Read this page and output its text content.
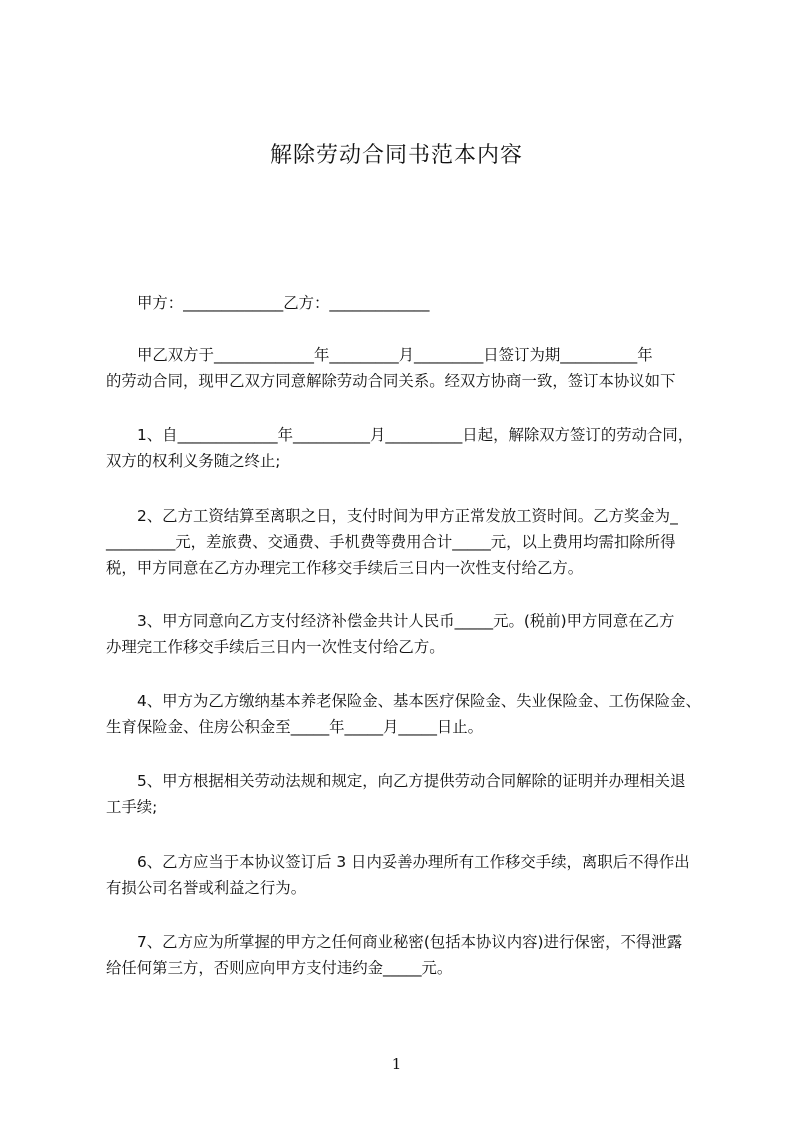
解除劳动合同书范本内容

甲方：_____________乙方：_____________

甲乙双方于_____________年_________月_________日签订为期__________年
的劳动合同，现甲乙双方同意解除劳动合同关系。经双方协商一致，签订本协议如下

1、自_____________年__________月__________日起，解除双方签订的劳动合同，
双方的权利义务随之终止;

2、乙方工资结算至离职之日，支付时间为甲方正常发放工资时间。乙方奖金为_
_________元，差旅费、交通费、手机费等费用合计_____元，以上费用均需扣除所得
税，甲方同意在乙方办理完工作移交手续后三日内一次性支付给乙方。

3、甲方同意向乙方支付经济补偿金共计人民币_____元。(税前)甲方同意在乙方
办理完工作移交手续后三日内一次性支付给乙方。

4、甲方为乙方缴纳基本养老保险金、基本医疗保险金、失业保险金、工伤保险金、
生育保险金、住房公积金至_____年_____月_____日止。

5、甲方根据相关劳动法规和规定，向乙方提供劳动合同解除的证明并办理相关退
工手续;

6、乙方应当于本协议签订后 3 日内妥善办理所有工作移交手续，离职后不得作出
有损公司名誉或利益之行为。

7、乙方应为所掌握的甲方之任何商业秘密(包括本协议内容)进行保密，不得泄露
给任何第三方，否则应向甲方支付违约金_____元。

1
